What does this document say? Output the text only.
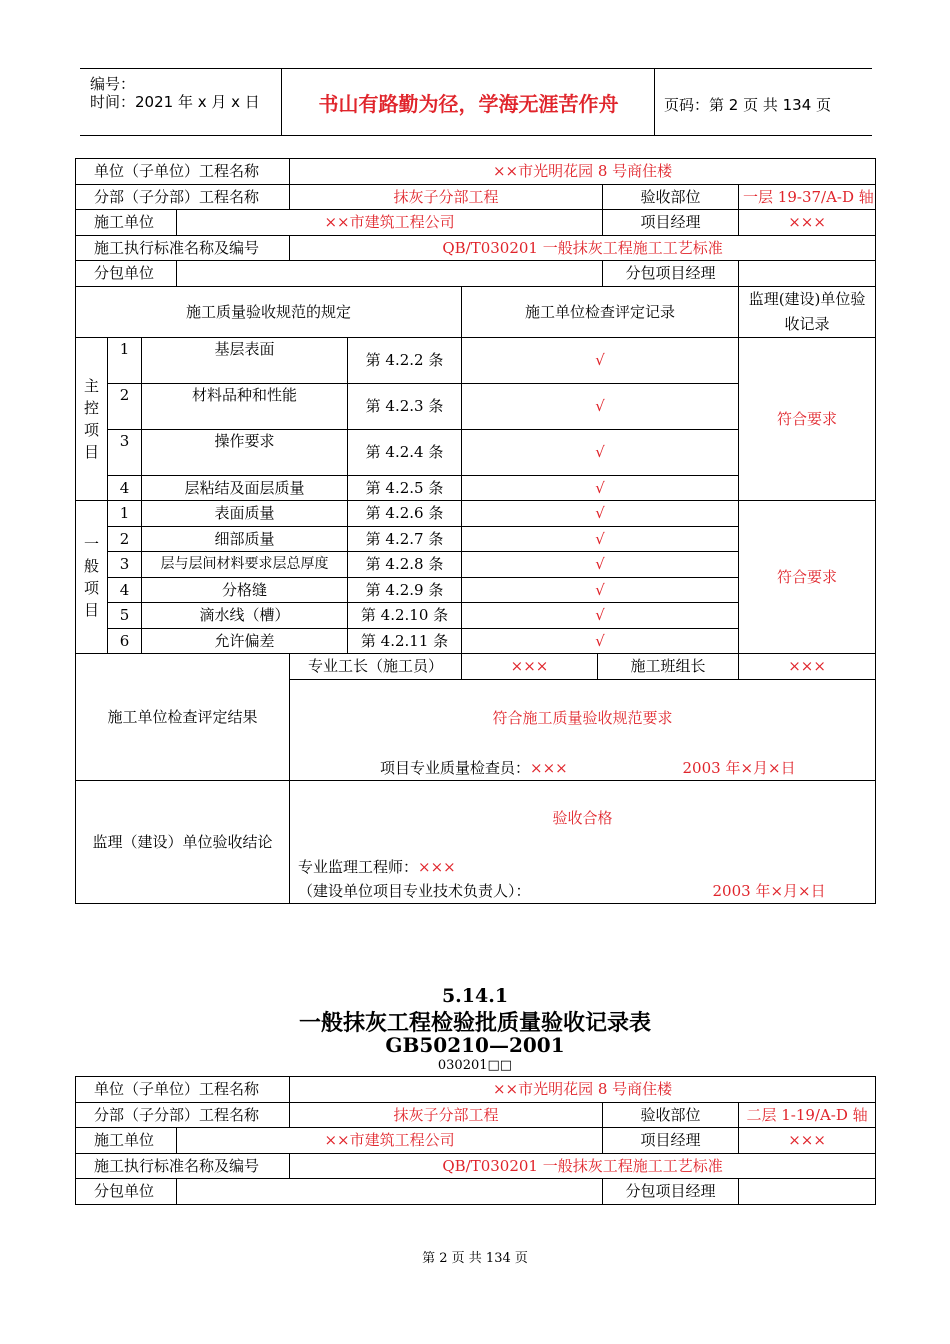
编号：
时间：2021 年 x 月 x 日	书山有路勤为径，学海无涯苦作舟	页码：第 2 页 共 134 页
单位（子单位）工程名称				××市光明花园 8 号商住楼					
分部（子分部）工程名称				抹灰子分部工程				验收部位	一层 19-37/A-D 轴
施工单位			××市建筑工程公司					项目经理	×××
施工执行标准名称及编号				QB/T030201 一般抹灰工程施工工艺标准					
分包单位								分包项目经理	
施工质量验收规范的规定						施工单位检查评定记录			监理(建设)单位验收记录

主
控
项
目	1	基层表面			第 4.2.2 条	√			符合要求
	2	材料品种和性能			第 4.2.3 条	√			
	3	操作要求			第 4.2.4 条	√			
	4	层粘结及面层质量			第 4.2.5 条	√			

一
般
项
目	1	表面质量			第 4.2.6 条	√			符合要求
	2	细部质量			第 4.2.7 条	√			
	3	层与层间材料要求层总厚度			第 4.2.8 条	√			
	4	分格缝			第 4.2.9 条	√			
	5	滴水线（槽）			第 4.2.10 条	√			
	6	允许偏差			第 4.2.11 条	√			
施工单位检查评定结果				专业工长（施工员）		×××	施工班组长		×××
				符合施工质量验收规范要求					
				项目专业质量检查员：××× 2003 年×月×日					

监理（建设）单位验收结论				验收合格					
				专业监理工程师：×××					
				（建设单位项目专业技术负责人）： 2003 年×月×日					
5.14.1
一般抹灰工程检验批质量验收记录表
GB50210—2001
030201□□
单位（子单位）工程名称		××市光明花园 8 号商住楼		
分部（子分部）工程名称		抹灰子分部工程	验收部位	二层 1-19/A-D 轴
施工单位	××市建筑工程公司		项目经理	×××
施工执行标准名称及编号		QB/T030201 一般抹灰工程施工工艺标准		
分包单位			分包项目经理	
第 2 页 共 134 页
